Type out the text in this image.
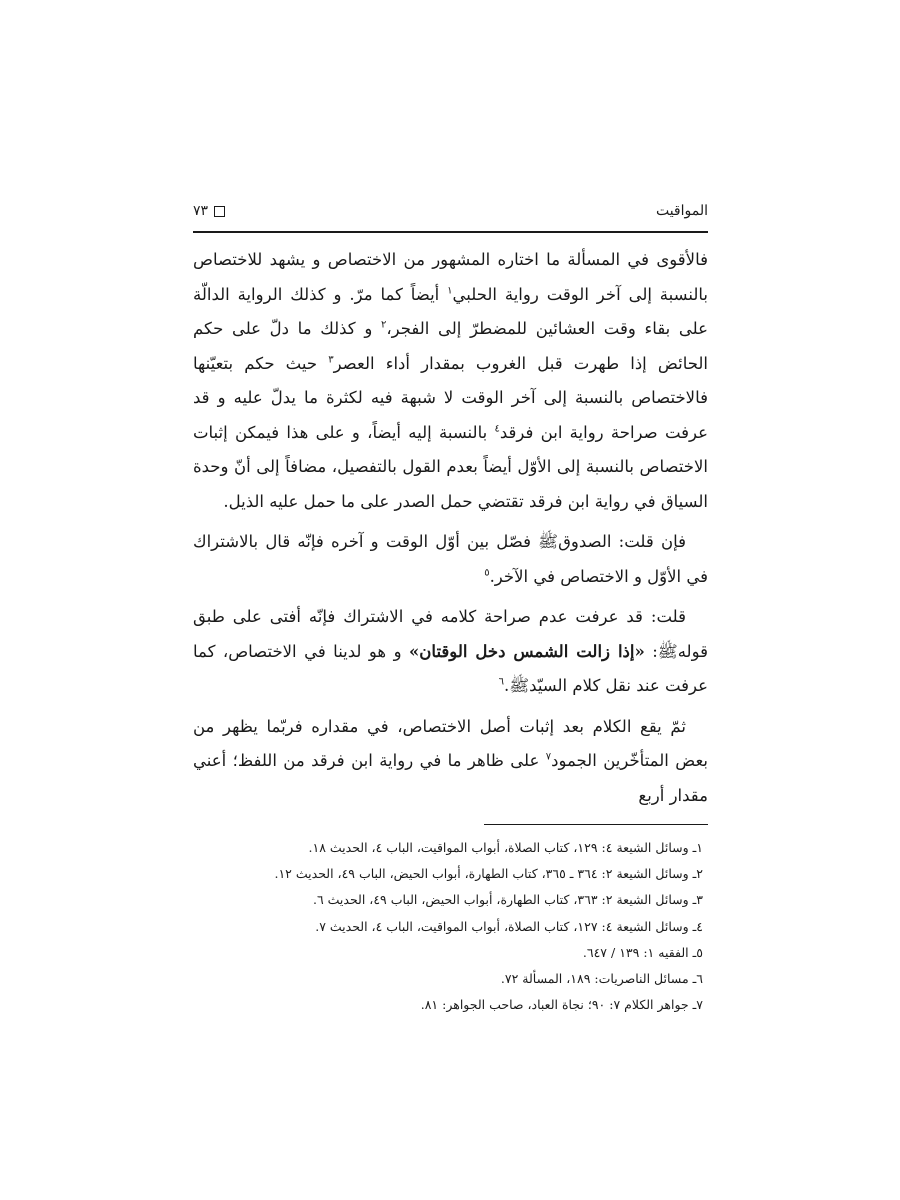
المواقيت
٧٣

فالأقوى في المسألة ما اختاره المشهور من الاختصاص و يشهد للاختصاص بالنسبة إلى آخر الوقت رواية الحلبي$^١$ أيضاً كما مرّ. و كذلك الرواية الدالّة على بقاء وقت العشائين للمضطرّ إلى الفجر،$^٢$ و كذلك ما دلّ على حكم الحائض إذا طهرت قبل الغروب بمقدار أداء العصر$^٣$ حيث حكم بتعيّنها فالاختصاص بالنسبة إلى آخر الوقت لا شبهة فيه لكثرة ما يدلّ عليه و قد عرفت صراحة رواية ابن فرقد$^٤$ بالنسبة إليه أيضاً، و على هذا فيمكن إثبات الاختصاص بالنسبة إلى الأوّل أيضاً بعدم القول بالتفصيل، مضافاً إلى أنّ وحدة السياق في رواية ابن فرقد تقتضي حمل الصدر على ما حمل عليه الذيل.

فإن قلت: الصدوقﷺ فصّل بين أوّل الوقت و آخره فإنّه قال بالاشتراك في الأوّل و الاختصاص في الآخر.$^٥$

قلت: قد عرفت عدم صراحة كلامه في الاشتراك فإنّه أفتى على طبق قولهﷺ: «إذا زالت الشمس دخل الوقتان» و هو لدينا في الاختصاص، كما عرفت عند نقل كلام السيّدﷺ.$^٦$

ثمّ يقع الكلام بعد إثبات أصل الاختصاص، في مقداره فربّما يظهر من بعض المتأخّرين الجمود$^٧$ على ظاهر ما في رواية ابن فرقد من اللفظ؛ أعني مقدار أربع

١ـ وسائل الشيعة ٤: ١٢٩، كتاب الصلاة، أبواب المواقيت، الباب ٤، الحديث ١٨.

٢ـ وسائل الشيعة ٢: ٣٦٤ ـ ٣٦٥، كتاب الطهارة، أبواب الحيض، الباب ٤٩، الحديث ١٢.

٣ـ وسائل الشيعة ٢: ٣٦٣، كتاب الطهارة، أبواب الحيض، الباب ٤٩، الحديث ٦.

٤ـ وسائل الشيعة ٤: ١٢٧، كتاب الصلاة، أبواب المواقيت، الباب ٤، الحديث ٧.

٥ـ الفقيه ١: ١٣٩ / ٦٤٧.

٦ـ مسائل الناصريات: ١٨٩، المسألة ٧٢.

٧ـ جواهر الكلام ٧: ٩٠؛ نجاة العباد، صاحب الجواهر: ٨١.
